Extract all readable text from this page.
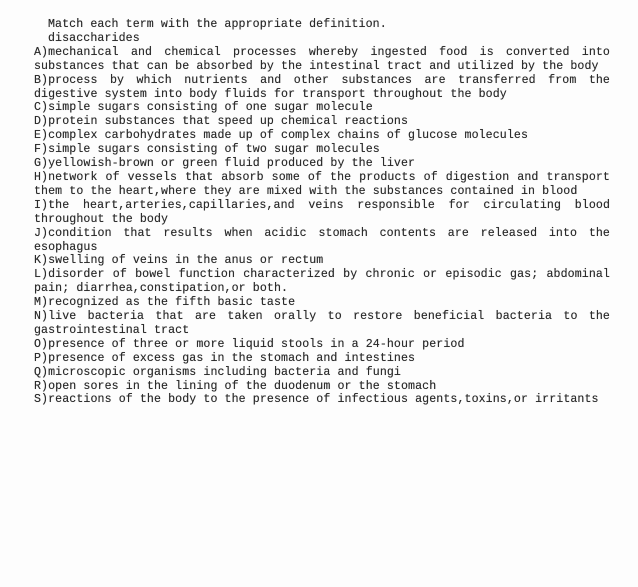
Match each term with the appropriate definition.
disaccharides
A)mechanical and chemical processes whereby ingested food is converted into substances that can be absorbed by the intestinal tract and utilized by the body
B)process by which nutrients and other substances are transferred from the digestive system into body fluids for transport throughout the body
C)simple sugars consisting of one sugar molecule
D)protein substances that speed up chemical reactions
E)complex carbohydrates made up of complex chains of glucose molecules
F)simple sugars consisting of two sugar molecules
G)yellowish-brown or green fluid produced by the liver
H)network of vessels that absorb some of the products of digestion and transport them to the heart,where they are mixed with the substances contained in blood
I)the heart,arteries,capillaries,and veins responsible for circulating blood throughout the body
J)condition that results when acidic stomach contents are released into the esophagus
K)swelling of veins in the anus or rectum
L)disorder of bowel function characterized by chronic or episodic gas; abdominal pain; diarrhea,constipation,or both.
M)recognized as the fifth basic taste
N)live bacteria that are taken orally to restore beneficial bacteria to the gastrointestinal tract
O)presence of three or more liquid stools in a 24-hour period
P)presence of excess gas in the stomach and intestines
Q)microscopic organisms including bacteria and fungi
R)open sores in the lining of the duodenum or the stomach
S)reactions of the body to the presence of infectious agents,toxins,or irritants
